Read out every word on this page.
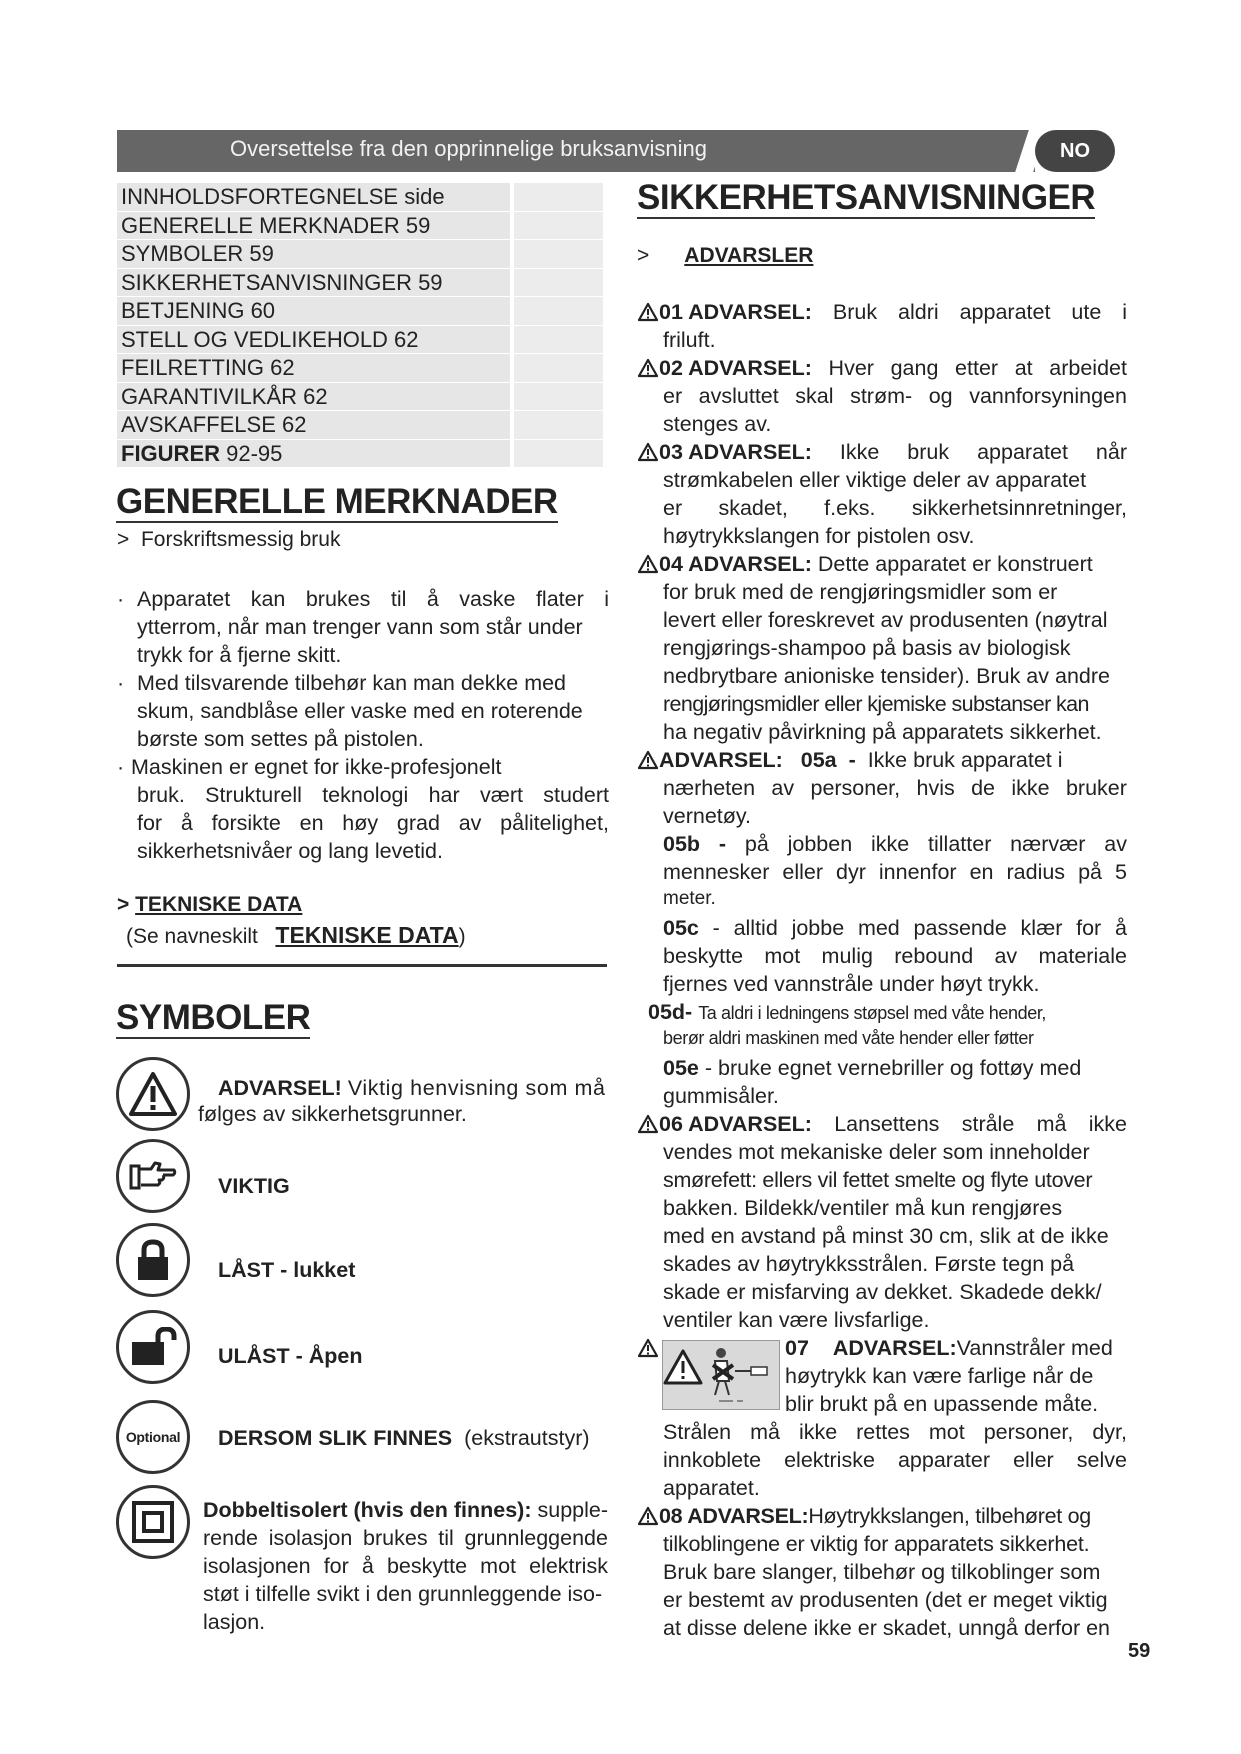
Oversettelse fra den opprinnelige bruksanvisning	NO
INNHOLDSFORTEGNELSE side
GENERELLE MERKNADER 59
SYMBOLER 59
SIKKERHETSANVISNINGER 59
BETJENING 60
STELL OG VEDLIKEHOLD 62
FEILRETTING 62
GARANTIVILKÅR 62
AVSKAFFELSE 62
FIGURER 92-95
GENERELLE MERKNADER
> Forskriftsmessig bruk
· Apparatet kan brukes til å vaske flater i
ytterrom, når man trenger vann som står under
trykk for å fjerne skitt.
· Med tilsvarende tilbehør kan man dekke med
skum, sandblåse eller vaske med en roterende
børste som settes på pistolen.
· Maskinen er egnet for ikke-profesjonelt
bruk. Strukturell teknologi har vært studert
for å forsikte en høy grad av pålitelighet,
sikkerhetsnivåer og lang levetid.
> TEKNISKE DATA
(Se navneskilt TEKNISKE DATA)
SYMBOLER
ADVARSEL! Viktig henvisning som må
følges av sikkerhetsgrunner.
VIKTIG
LÅST - lukket
ULÅST - Åpen
Optional DERSOM SLIK FINNES (ekstrautstyr)
Dobbeltisolert (hvis den finnes): supple-
rende isolasjon brukes til grunnleggende
isolasjonen for å beskytte mot elektrisk
støt i tilfelle svikt i den grunnleggende iso-
lasjon.
SIKKERHETSANVISNINGER
> ADVARSLER
01 ADVARSEL: Bruk aldri apparatet ute i
friluft.
02 ADVARSEL: Hver gang etter at arbeidet
er avsluttet skal strøm- og vannforsyningen
stenges av.
03 ADVARSEL: Ikke bruk apparatet når
strømkabelen eller viktige deler av apparatet
er skadet, f.eks. sikkerhetsinnretninger,
høytrykkslangen for pistolen osv.
04 ADVARSEL: Dette apparatet er konstruert
for bruk med de rengjøringsmidler som er
levert eller foreskrevet av produsenten (nøytral
rengjørings-shampoo på basis av biologisk
nedbrytbare anioniske tensider). Bruk av andre
rengjøringsmidler eller kjemiske substanser kan
ha negativ påvirkning på apparatets sikkerhet.
ADVARSEL: 05a - Ikke bruk apparatet i
nærheten av personer, hvis de ikke bruker
vernetøy.
05b - på jobben ikke tillatter nærvær av
mennesker eller dyr innenfor en radius på 5
meter.
05c - alltid jobbe med passende klær for å
beskytte mot mulig rebound av materiale
fjernes ved vannstråle under høyt trykk.
05d- Ta aldri i ledningens støpsel med våte hender,
berør aldri maskinen med våte hender eller føtter
05e - bruke egnet vernebriller og fottøy med
gummisåler.
06 ADVARSEL: Lansettens stråle må ikke
vendes mot mekaniske deler som inneholder
smørefett: ellers vil fettet smelte og flyte utover
bakken. Bildekk/ventiler må kun rengjøres
med en avstand på minst 30 cm, slik at de ikke
skades av høytrykksstrålen. Første tegn på
skade er misfarving av dekket. Skadede dekk/
ventiler kan være livsfarlige.
07 ADVARSEL:Vannstråler med
høytrykk kan være farlige når de
blir brukt på en upassende måte.
Strålen må ikke rettes mot personer, dyr,
innkoblete elektriske apparater eller selve
apparatet.
08 ADVARSEL:Høytrykkslangen, tilbehøret og
tilkoblingene er viktig for apparatets sikkerhet.
Bruk bare slanger, tilbehør og tilkoblinger som
er bestemt av produsenten (det er meget viktig
at disse delene ikke er skadet, unngå derfor en
59
